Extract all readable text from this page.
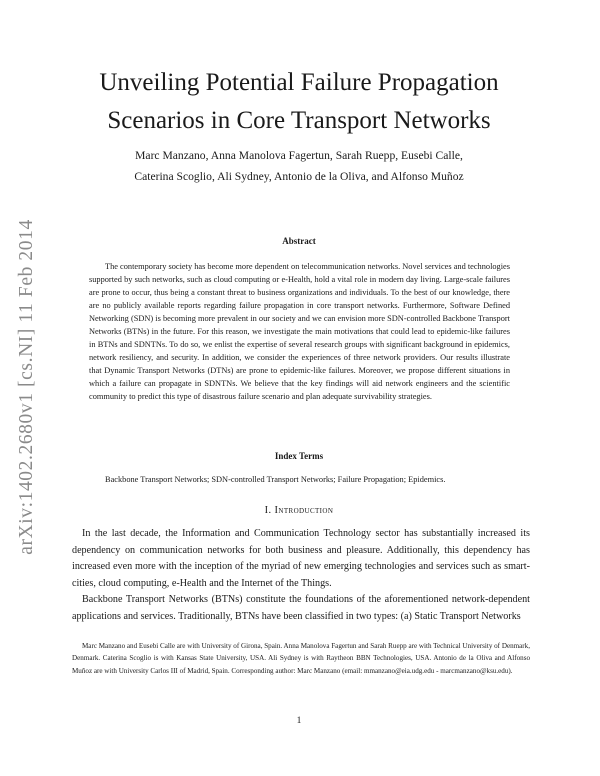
arXiv:1402.2680v1 [cs.NI] 11 Feb 2014
Unveiling Potential Failure Propagation Scenarios in Core Transport Networks
Marc Manzano, Anna Manolova Fagertun, Sarah Ruepp, Eusebi Calle,
Caterina Scoglio, Ali Sydney, Antonio de la Oliva, and Alfonso Muñoz
Abstract

The contemporary society has become more dependent on telecommunication networks. Novel services and technologies supported by such networks, such as cloud computing or e-Health, hold a vital role in modern day living. Large-scale failures are prone to occur, thus being a constant threat to business organizations and individuals. To the best of our knowledge, there are no publicly available reports regarding failure propagation in core transport networks. Furthermore, Software Defined Networking (SDN) is becoming more prevalent in our society and we can envision more SDN-controlled Backbone Transport Networks (BTNs) in the future. For this reason, we investigate the main motivations that could lead to epidemic-like failures in BTNs and SDNTNs. To do so, we enlist the expertise of several research groups with significant background in epidemics, network resiliency, and security. In addition, we consider the experiences of three network providers. Our results illustrate that Dynamic Transport Networks (DTNs) are prone to epidemic-like failures. Moreover, we propose different situations in which a failure can propagate in SDNTNs. We believe that the key findings will aid network engineers and the scientific community to predict this type of disastrous failure scenario and plan adequate survivability strategies.

Index Terms
Backbone Transport Networks; SDN-controlled Transport Networks; Failure Propagation; Epidemics.
I. Introduction

In the last decade, the Information and Communication Technology sector has substantially increased its dependency on communication networks for both business and pleasure. Additionally, this dependency has increased even more with the inception of the myriad of new emerging technologies and services such as smart-cities, cloud computing, e-Health and the Internet of the Things.

Backbone Transport Networks (BTNs) constitute the foundations of the aforementioned network-dependent applications and services. Traditionally, BTNs have been classified in two types: (a) Static Transport Networks

Marc Manzano and Eusebi Calle are with University of Girona, Spain. Anna Manolova Fagertun and Sarah Ruepp are with Technical University of Denmark, Denmark. Caterina Scoglio is with Kansas State University, USA. Ali Sydney is with Raytheon BBN Technologies, USA. Antonio de la Oliva and Alfonso Muñoz are with University Carlos III of Madrid, Spain. Corresponding author: Marc Manzano (email: mmanzano@eia.udg.edu - marcmanzano@ksu.edu).

1
